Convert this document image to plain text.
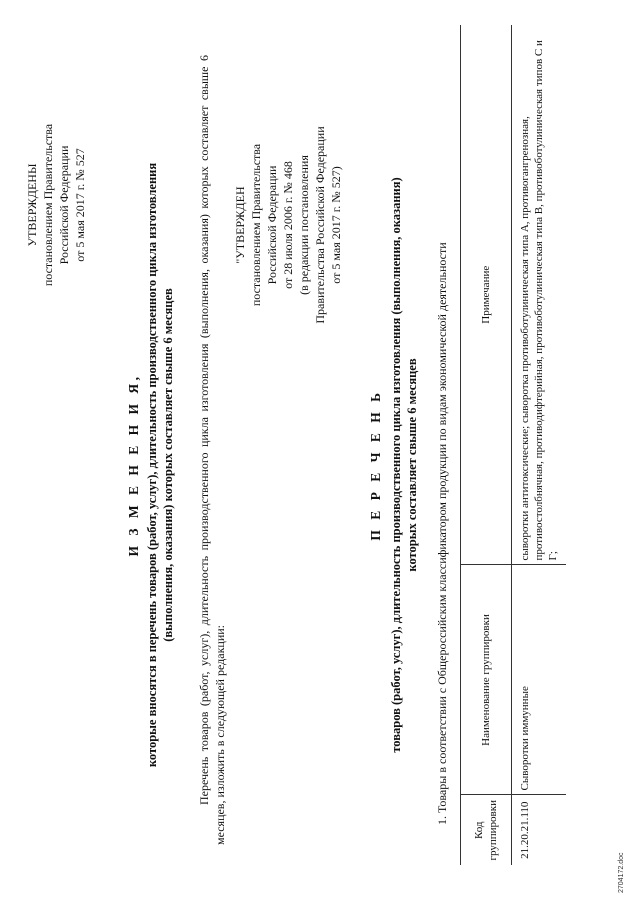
УТВЕРЖДЕНЫ постановлением Правительства Российской Федерации от 5 мая 2017 г. № 527
И З М Е Н Е Н И Я, которые вносятся в перечень товаров (работ, услуг), длительность производственного цикла изготовления (выполнения, оказания) которых составляет свыше 6 месяцев Перечень товаров (работ, услуг), длительность производственного цикла изготовления (выполнения, оказания) которых составляет свыше 6 месяцев, изложить в следующей редакции:
"УТВЕРЖДЕН постановлением Правительства Российской Федерации от 28 июля 2006 г. № 468 (в редакции постановления Правительства Российской Федерации от 5 мая 2017 г. № 527)
П Е Р Е Ч Е Н Ь товаров (работ, услуг), длительность производственного цикла изготовления (выполнения, оказания) которых составляет свыше 6 месяцев 1. Товары в соответствии с Общероссийским классификатором продукции по видам экономической деятельности
Код группировки	Наименование группировки	Примечание
21.20.21.110	Сыворотки иммунные	сыворотки антитоксические; сыворотка противоботулиническая типа А, противогангренозная, противостолбнячная, противодифтерийная, противоботулиническая типа В, противоботулиническая типов С и Г;
2704172.doc
